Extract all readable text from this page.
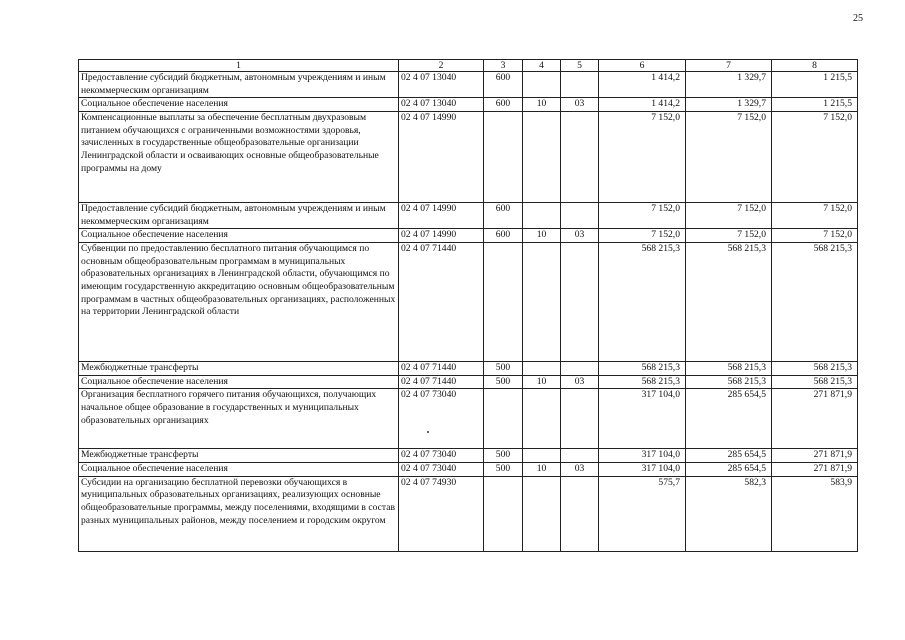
25
1	2	3	4	5	6	7	8
Предоставление субсидий бюджетным, автономным учреждениям и иным некоммерческим организациям	02 4 07 13040	600			1 414,2	1 329,7	1 215,5
Социальное обеспечение населения	02 4 07 13040	600	10	03	1 414,2	1 329,7	1 215,5
Компенсационные выплаты за обеспечение бесплатным двухразовым питанием обучающихся с ограниченными возможностями здоровья, зачисленных в государственные общеобразовательные организации Ленинградской области и осваивающих основные общеобразовательные программы на дому	02 4 07 14990				7 152,0	7 152,0	7 152,0
Предоставление субсидий бюджетным, автономным учреждениям и иным некоммерческим организациям	02 4 07 14990	600			7 152,0	7 152,0	7 152,0
Социальное обеспечение населения	02 4 07 14990	600	10	03	7 152,0	7 152,0	7 152,0
Субвенции по предоставлению бесплатного питания обучающимся по основным общеобразовательным программам в муниципальных образовательных организациях в Ленинградской области, обучающимся по имеющим государственную аккредитацию основным общеобразовательным программам в частных общеобразовательных организациях, расположенных на территории Ленинградской области	02 4 07 71440				568 215,3	568 215,3	568 215,3
Межбюджетные трансферты	02 4 07 71440	500			568 215,3	568 215,3	568 215,3
Социальное обеспечение населения	02 4 07 71440	500	10	03	568 215,3	568 215,3	568 215,3
Организация бесплатного горячего питания обучающихся, получающих начальное общее образование в государственных и муниципальных образовательных организациях	02 4 07 73040				317 104,0	285 654,5	271 871,9
Межбюджетные трансферты	02 4 07 73040	500			317 104,0	285 654,5	271 871,9
Социальное обеспечение населения	02 4 07 73040	500	10	03	317 104,0	285 654,5	271 871,9
Субсидии на организацию бесплатной перевозки обучающихся в муниципальных образовательных организациях, реализующих основные общеобразовательные программы, между поселениями, входящими в состав разных муниципальных районов, между поселением и городским округом	02 4 07 74930				575,7	582,3	583,9
